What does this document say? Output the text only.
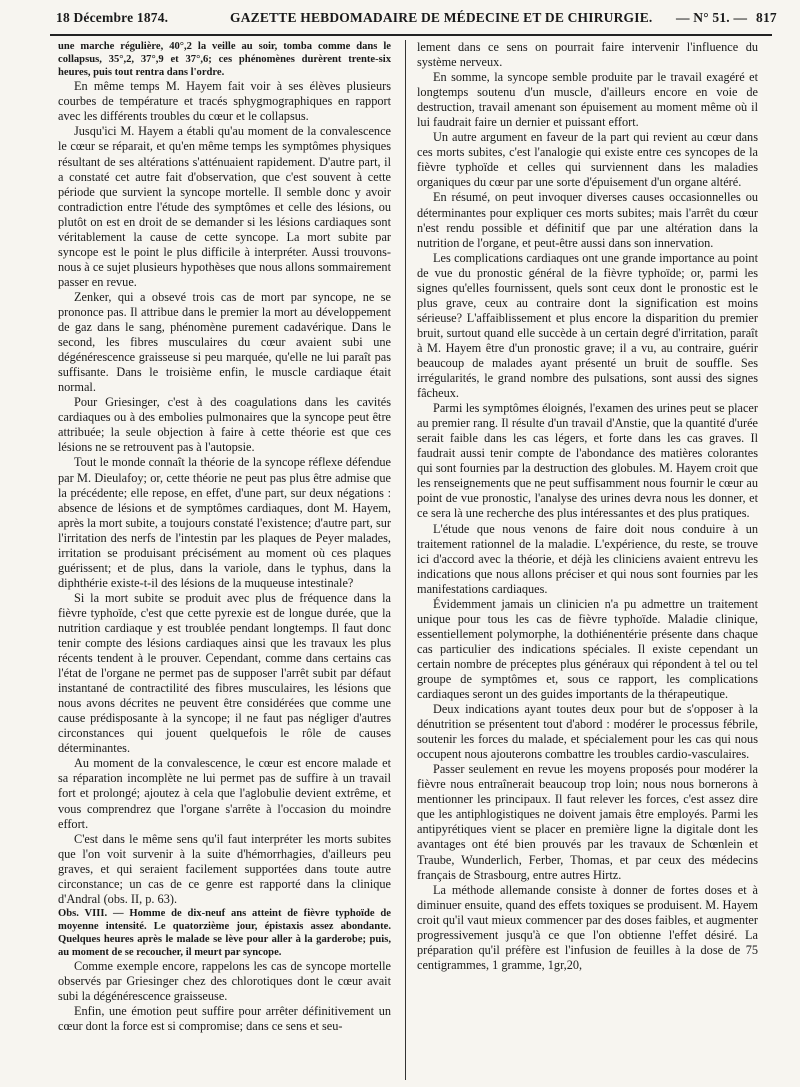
18 Décembre 1874.	GAZETTE HEBDOMADAIRE DE MÉDECINE ET DE CHIRURGIE. — N° 51. — 817

une marche régulière, 40°,2 la veille au soir, tomba comme dans le collapsus, 35°,2, 37°,9 et 37°,6; ces phénomènes durèrent trente-six heures, puis tout rentra dans l'ordre.

En même temps M. Hayem fait voir à ses élèves plusieurs courbes de température et tracés sphygmographiques en rapport avec les différents troubles du cœur et le collapsus.

Jusqu'ici M. Hayem a établi qu'au moment de la convalescence le cœur se réparait, et qu'en même temps les symptômes physiques résultant de ses altérations s'atténuaient rapidement. D'autre part, il a constaté cet autre fait d'observation, que c'est souvent à cette période que survient la syncope mortelle. Il semble donc y avoir contradiction entre l'étude des symptômes et celle des lésions, ou plutôt on est en droit de se demander si les lésions cardiaques sont véritablement la cause de cette syncope. La mort subite par syncope est le point le plus difficile à interpréter. Aussi trouvons-nous à ce sujet plusieurs hypothèses que nous allons sommairement passer en revue.

Zenker, qui a obsevé trois cas de mort par syncope, ne se prononce pas. Il attribue dans le premier la mort au développement de gaz dans le sang, phénomène purement cadavérique. Dans le second, les fibres musculaires du cœur avaient subi une dégénérescence graisseuse si peu marquée, qu'elle ne lui paraît pas suffisante. Dans le troisième enfin, le muscle cardiaque était normal.

Pour Griesinger, c'est à des coagulations dans les cavités cardiaques ou à des embolies pulmonaires que la syncope peut être attribuée; la seule objection à faire à cette théorie est que ces lésions ne se retrouvent pas à l'autopsie.

Tout le monde connaît la théorie de la syncope réflexe défendue par M. Dieulafoy; or, cette théorie ne peut pas plus être admise que la précédente; elle repose, en effet, d'une part, sur deux négations : absence de lésions et de symptômes cardiaques, dont M. Hayem, après la mort subite, a toujours constaté l'existence; d'autre part, sur l'irritation des nerfs de l'intestin par les plaques de Peyer malades, irritation se produisant précisément au moment où ces plaques guérissent; et de plus, dans la variole, dans le typhus, dans la diphthérie existe-t-il des lésions de la muqueuse intestinale?

Si la mort subite se produit avec plus de fréquence dans la fièvre typhoïde, c'est que cette pyrexie est de longue durée, que la nutrition cardiaque y est troublée pendant longtemps. Il faut donc tenir compte des lésions cardiaques ainsi que les travaux les plus récents tendent à le prouver. Cependant, comme dans certains cas l'état de l'organe ne permet pas de supposer l'arrêt subit par défaut instantané de contractilité des fibres musculaires, les lésions que nous avons décrites ne peuvent être considérées que comme une cause prédisposante à la syncope; il ne faut pas négliger d'autres circonstances qui jouent quelquefois le rôle de causes déterminantes.

Au moment de la convalescence, le cœur est encore malade et sa réparation incomplète ne lui permet pas de suffire à un travail fort et prolongé; ajoutez à cela que l'aglobulie devient extrême, et vous comprendrez que l'organe s'arrête à l'occasion du moindre effort.

C'est dans le même sens qu'il faut interpréter les morts subites que l'on voit survenir à la suite d'hémorrhagies, d'ailleurs peu graves, et qui seraient facilement supportées dans toute autre circonstance; un cas de ce genre est rapporté dans la clinique d'Andral (obs. II, p. 63).

Obs. VIII. — Homme de dix-neuf ans atteint de fièvre typhoïde de moyenne intensité. Le quatorzième jour, épistaxis assez abondante. Quelques heures après le malade se lève pour aller à la garderobe; puis, au moment de se recoucher, il meurt par syncope.

Comme exemple encore, rappelons les cas de syncope mortelle observés par Griesinger chez des chlorotiques dont le cœur avait subi la dégénérescence graisseuse.

Enfin, une émotion peut suffire pour arrêter définitivement un cœur dont la force est si compromise; dans ce sens et seu-

lement dans ce sens on pourrait faire intervenir l'influence du système nerveux.

En somme, la syncope semble produite par le travail exagéré et longtemps soutenu d'un muscle, d'ailleurs encore en voie de destruction, travail amenant son épuisement au moment même où il lui faudrait faire un dernier et puissant effort.

Un autre argument en faveur de la part qui revient au cœur dans ces morts subites, c'est l'analogie qui existe entre ces syncopes de la fièvre typhoïde et celles qui surviennent dans les maladies organiques du cœur par une sorte d'épuisement d'un organe altéré.

En résumé, on peut invoquer diverses causes occasionnelles ou déterminantes pour expliquer ces morts subites; mais l'arrêt du cœur n'est rendu possible et définitif que par une altération dans la nutrition de l'organe, et peut-être aussi dans son innervation.

Les complications cardiaques ont une grande importance au point de vue du pronostic général de la fièvre typhoïde; or, parmi les signes qu'elles fournissent, quels sont ceux dont le pronostic est le plus grave, ceux au contraire dont la signification est moins sérieuse? L'affaiblissement et plus encore la disparition du premier bruit, surtout quand elle succède à un certain degré d'irritation, paraît à M. Hayem être d'un pronostic grave; il a vu, au contraire, guérir beaucoup de malades ayant présenté un bruit de souffle. Ses irrégularités, le grand nombre des pulsations, sont aussi des signes fâcheux.

Parmi les symptômes éloignés, l'examen des urines peut se placer au premier rang. Il résulte d'un travail d'Anstie, que la quantité d'urée serait faible dans les cas légers, et forte dans les cas graves. Il faudrait aussi tenir compte de l'abondance des matières colorantes qui sont fournies par la destruction des globules. M. Hayem croit que les renseignements que ne peut suffisamment nous fournir le cœur au point de vue pronostic, l'analyse des urines devra nous les donner, et ce sera là une recherche des plus intéressantes et des plus pratiques.

L'étude que nous venons de faire doit nous conduire à un traitement rationnel de la maladie. L'expérience, du reste, se trouve ici d'accord avec la théorie, et déjà les cliniciens avaient entrevu les indications que nous allons préciser et qui nous sont fournies par les manifestations cardiaques.

Évidemment jamais un clinicien n'a pu admettre un traitement unique pour tous les cas de fièvre typhoïde. Maladie clinique, essentiellement polymorphe, la dothiénentérie présente dans chaque cas particulier des indications spéciales. Il existe cependant un certain nombre de préceptes plus généraux qui répondent à tel ou tel groupe de symptômes et, sous ce rapport, les complications cardiaques seront un des guides importants de la thérapeutique.

Deux indications ayant toutes deux pour but de s'opposer à la dénutrition se présentent tout d'abord : modérer le processus fébrile, soutenir les forces du malade, et spécialement pour les cas qui nous occupent nous ajouterons combattre les troubles cardio-vasculaires.

Passer seulement en revue les moyens proposés pour modérer la fièvre nous entraînerait beaucoup trop loin; nous nous bornerons à mentionner les principaux. Il faut relever les forces, c'est assez dire que les antiphlogistiques ne doivent jamais être employés. Parmi les antipyrétiques vient se placer en première ligne la digitale dont les avantages ont été bien prouvés par les travaux de Schœnlein et Traube, Wunderlich, Ferber, Thomas, et par ceux des médecins français de Strasbourg, entre autres Hirtz.

La méthode allemande consiste à donner de fortes doses et à diminuer ensuite, quand des effets toxiques se produisent. M. Hayem croit qu'il vaut mieux commencer par des doses faibles, et augmenter progressivement jusqu'à ce que l'on obtienne l'effet désiré. La préparation qu'il préfère est l'infusion de feuilles à la dose de 75 centigrammes, 1 gramme, 1gr,20,
